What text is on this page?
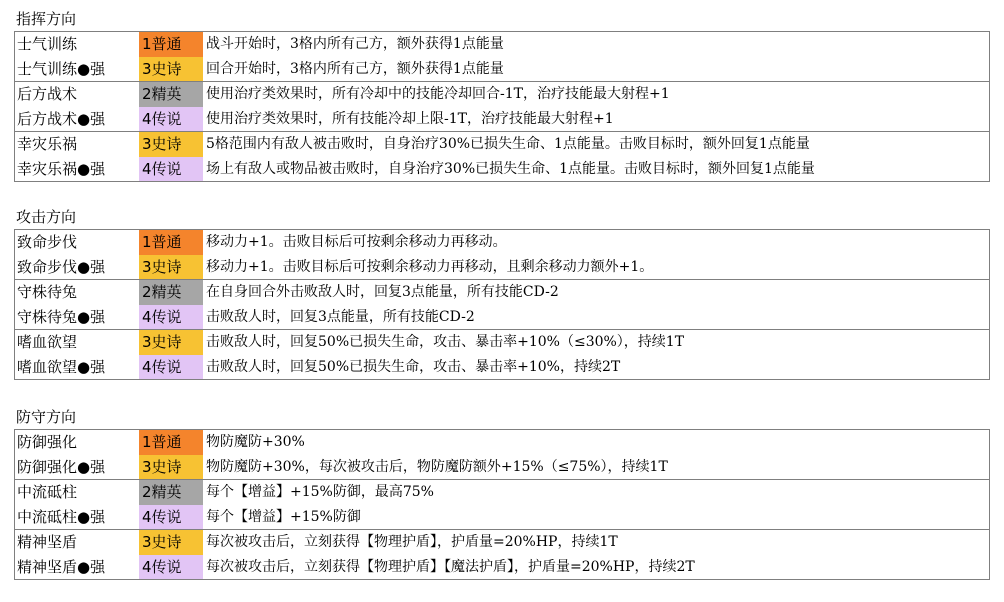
指挥方向
士气训练	1普通	战斗开始时，3格内所有己方，额外获得1点能量
士气训练●强	3史诗	回合开始时，3格内所有己方，额外获得1点能量
后方战术	2精英	使用治疗类效果时，所有冷却中的技能冷却回合-1T，治疗技能最大射程+1
后方战术●强	4传说	使用治疗类效果时，所有技能冷却上限-1T，治疗技能最大射程+1
幸灾乐祸	3史诗	5格范围内有敌人被击败时，自身治疗30%已损失生命、1点能量。击败目标时，额外回复1点能量
幸灾乐祸●强	4传说	场上有敌人或物品被击败时，自身治疗30%已损失生命、1点能量。击败目标时，额外回复1点能量
攻击方向
致命步伐	1普通	移动力+1。击败目标后可按剩余移动力再移动。
致命步伐●强	3史诗	移动力+1。击败目标后可按剩余移动力再移动，且剩余移动力额外+1。
守株待兔	2精英	在自身回合外击败敌人时，回复3点能量，所有技能CD-2
守株待兔●强	4传说	击败敌人时，回复3点能量，所有技能CD-2
嗜血欲望	3史诗	击败敌人时，回复50%已损失生命，攻击、暴击率+10%（≤30%），持续1T
嗜血欲望●强	4传说	击败敌人时，回复50%已损失生命，攻击、暴击率+10%，持续2T
防守方向
防御强化	1普通	物防魔防+30%
防御强化●强	3史诗	物防魔防+30%，每次被攻击后，物防魔防额外+15%（≤75%），持续1T
中流砥柱	2精英	每个【增益】+15%防御，最高75%
中流砥柱●强	4传说	每个【增益】+15%防御
精神坚盾	3史诗	每次被攻击后，立刻获得【物理护盾】，护盾量=20%HP，持续1T
精神坚盾●强	4传说	每次被攻击后，立刻获得【物理护盾】【魔法护盾】，护盾量=20%HP，持续2T
